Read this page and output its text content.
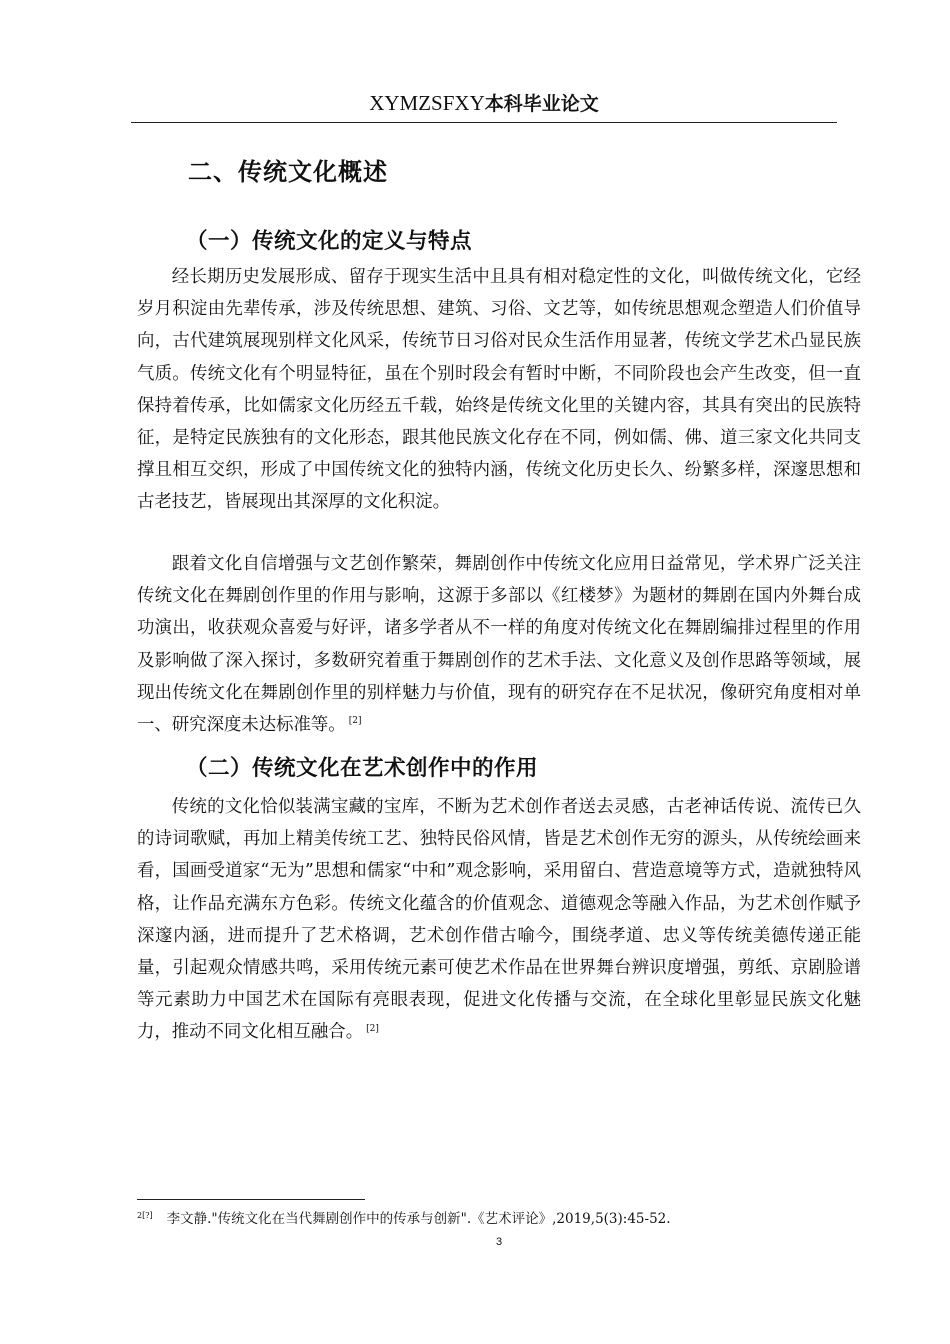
XYMZSFXY本科毕业论文
二、传统文化概述
（一）传统文化的定义与特点

经长期历史发展形成、留存于现实生活中且具有相对稳定性的文化，叫做传统文化，它经岁月积淀由先辈传承，涉及传统思想、建筑、习俗、文艺等，如传统思想观念塑造人们价值导向，古代建筑展现别样文化风采，传统节日习俗对民众生活作用显著，传统文学艺术凸显民族气质。传统文化有个明显特征，虽在个别时段会有暂时中断，不同阶段也会产生改变，但一直保持着传承，比如儒家文化历经五千载，始终是传统文化里的关键内容，其具有突出的民族特征，是特定民族独有的文化形态，跟其他民族文化存在不同，例如儒、佛、道三家文化共同支撑且相互交织，形成了中国传统文化的独特内涵，传统文化历史长久、纷繁多样，深邃思想和古老技艺，皆展现出其深厚的文化积淀。

跟着文化自信增强与文艺创作繁荣，舞剧创作中传统文化应用日益常见，学术界广泛关注传统文化在舞剧创作里的作用与影响，这源于多部以《红楼梦》为题材的舞剧在国内外舞台成功演出，收获观众喜爱与好评，诸多学者从不一样的角度对传统文化在舞剧编排过程里的作用及影响做了深入探讨，多数研究着重于舞剧创作的艺术手法、文化意义及创作思路等领域，展现出传统文化在舞剧创作里的别样魅力与价值，现有的研究存在不足状况，像研究角度相对单一、研究深度未达标准等。 [2]

（二）传统文化在艺术创作中的作用

传统的文化恰似装满宝藏的宝库，不断为艺术创作者送去灵感，古老神话传说、流传已久的诗词歌赋，再加上精美传统工艺、独特民俗风情，皆是艺术创作无穷的源头，从传统绘画来看，国画受道家“无为”思想和儒家“中和”观念影响，采用留白、营造意境等方式，造就独特风格，让作品充满东方色彩。传统文化蕴含的价值观念、道德观念等融入作品，为艺术创作赋予深邃内涵，进而提升了艺术格调，艺术创作借古喻今，围绕孝道、忠义等传统美德传递正能量，引起观众情感共鸣，采用传统元素可使艺术作品在世界舞台辨识度增强，剪纸、京剧脸谱等元素助力中国艺术在国际有亮眼表现，促进文化传播与交流，在全球化里彰显民族文化魅力，推动不同文化相互融合。 [2]

$^{2[?]}$ 李文静."传统文化在当代舞剧创作中的传承与创新".《艺术评论》,2019,5(3):45-52.
3
